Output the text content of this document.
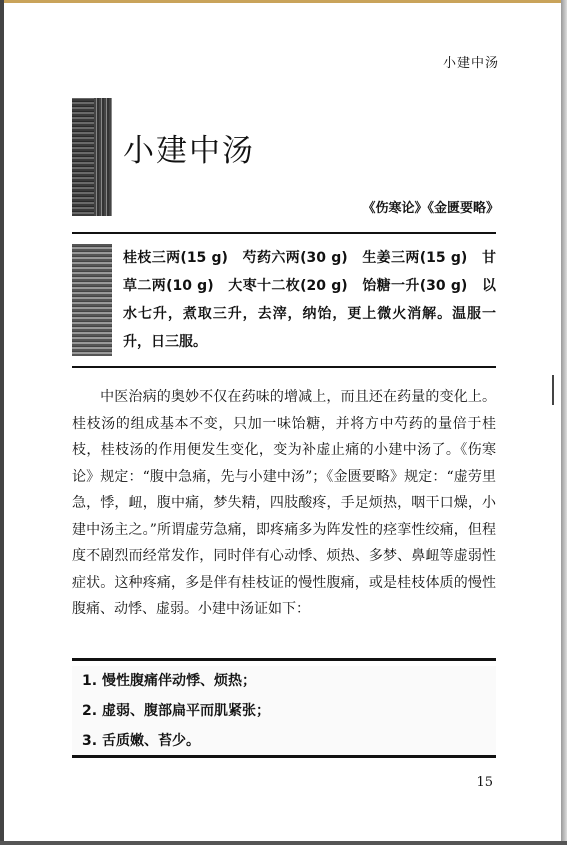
小建中汤
小建中汤
《伤寒论》《金匮要略》
桂枝三两(15 g)　芍药六两(30 g)　生姜三两(15 g)　甘草二两(10 g)　大枣十二枚(20 g)　饴糖一升(30 g)　以水七升，煮取三升，去滓，纳饴，更上微火消解。温服一升，日三服。
中医治病的奥妙不仅在药味的增减上，而且还在药量的变化上。桂枝汤的组成基本不变，只加一味饴糖，并将方中芍药的量倍于桂枝，桂枝汤的作用便发生变化，变为补虚止痛的小建中汤了。《伤寒论》规定：“腹中急痛，先与小建中汤”；《金匮要略》规定：“虚劳里急，悸，衄，腹中痛，梦失精，四肢酸疼，手足烦热，咽干口燥，小建中汤主之。”所谓虚劳急痛，即疼痛多为阵发性的痉挛性绞痛，但程度不剧烈而经常发作，同时伴有心动悸、烦热、多梦、鼻衄等虚弱性症状。这种疼痛，多是伴有桂枝证的慢性腹痛，或是桂枝体质的慢性腹痛、动悸、虚弱。小建中汤证如下：
1. 慢性腹痛伴动悸、烦热；
2. 虚弱、腹部扁平而肌紧张；
3. 舌质嫩、苔少。
15
